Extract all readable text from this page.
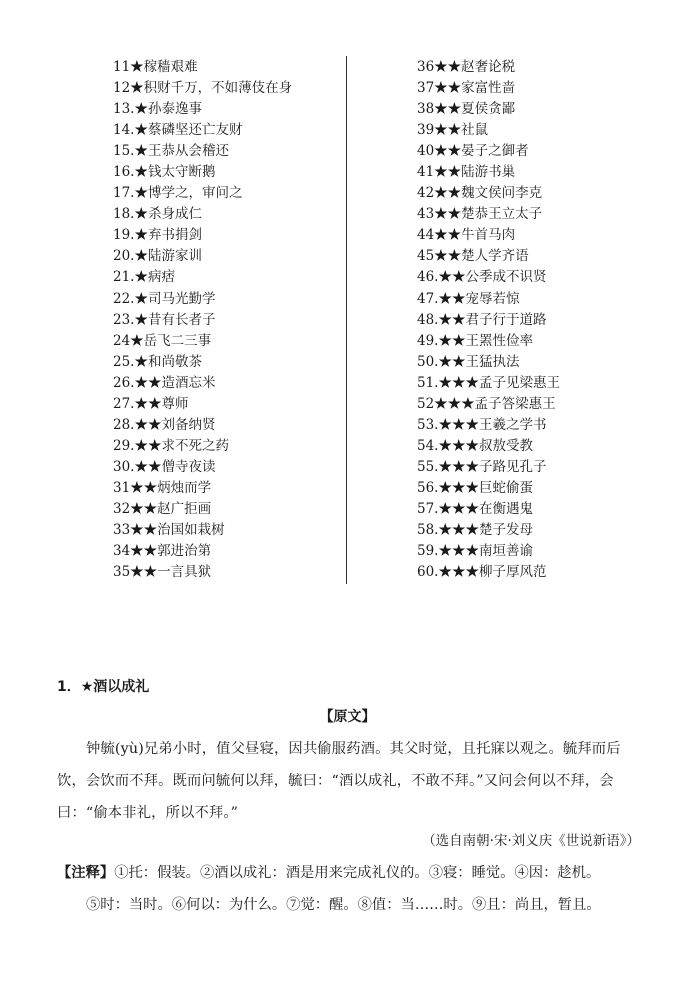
11★稼穑艰难
12★积财千万，不如薄伎在身
13.★孙泰逸事
14.★蔡磷坚还亡友财
15.★王恭从会稽还
16.★钱太守断鹅
17.★博学之，审问之
18.★杀身成仁
19.★弃书捐剑
20.★陆游家训
21.★病痞
22.★司马光勤学
23.★昔有长者子
24★岳飞二三事
25.★和尚敬茶
26.★★造酒忘米
27.★★尊师
28.★★刘备纳贤
29.★★求不死之药
30.★★僧寺夜读
31★★炳烛而学
32★★赵广拒画
33★★治国如栽树
34★★郭进治第
35★★一言具狱
36★★赵奢论税
37★★家富性啬
38★★夏侯贪鄙
39★★社鼠
40★★晏子之御者
41★★陆游书巢
42★★魏文侯问李克
43★★楚恭王立太子
44★★牛首马肉
45★★楚人学齐语
46.★★公季成不识贤
47.★★宠辱若惊
48.★★君子行于道路
49.★★王罴性俭率
50.★★王猛执法
51.★★★孟子见梁惠王
52★★★孟子答梁惠王
53.★★★王羲之学书
54.★★★叔敖受教
55.★★★子路见孔子
56.★★★巨蛇偷蛋
57.★★★在衡遇鬼
58.★★★楚子发母
59.★★★南垣善谕
60.★★★柳子厚风范
1．★酒以成礼
【原文】
钟毓(yù)兄弟小时，值父昼寝，因共偷服药酒。其父时觉，且托寐以观之。毓拜而后饮，会饮而不拜。既而问毓何以拜，毓曰：“酒以成礼，不敢不拜。”又问会何以不拜，会曰：“偷本非礼，所以不拜。”
（选自南朝·宋·刘义庆《世说新语》）
【注释】①托：假装。②酒以成礼：酒是用来完成礼仪的。③寝：睡觉。④因：趁机。
⑤时：当时。⑥何以：为什么。⑦觉：醒。⑧值：当……时。⑨且：尚且，暂且。
